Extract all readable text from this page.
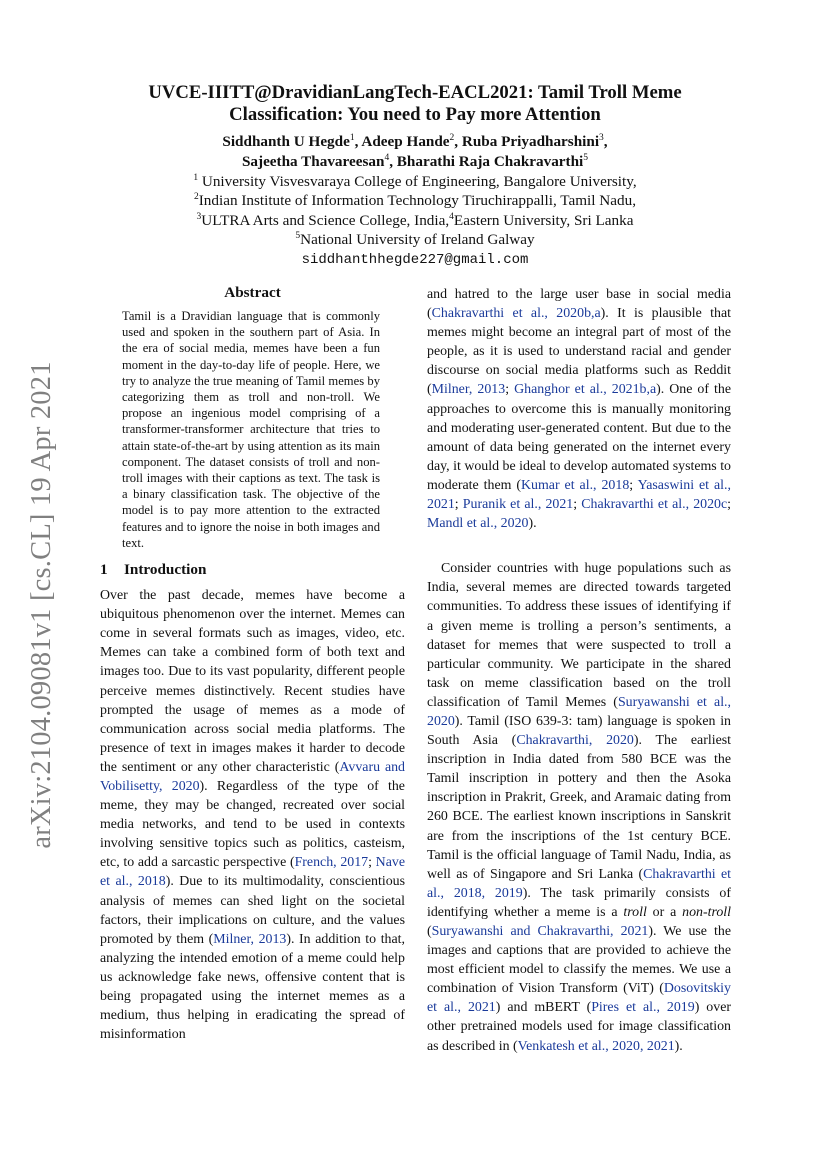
arXiv:2104.09081v1 [cs.CL] 19 Apr 2021
UVCE-IIITT@DravidianLangTech-EACL2021: Tamil Troll Meme
Classification: You need to Pay more Attention
Siddhanth U Hegde$^1$, Adeep Hande$^2$, Ruba Priyadharshini$^3$,
Sajeetha Thavareesan$^4$, Bharathi Raja Chakravarthi$^5$
$^1$ University Visvesvaraya College of Engineering, Bangalore University,
$^2$Indian Institute of Information Technology Tiruchirappalli, Tamil Nadu,
$^3$ULTRA Arts and Science College, India,$^4$Eastern University, Sri Lanka
$^5$National University of Ireland Galway
siddhanthhegde227@gmail.com
Abstract

Tamil is a Dravidian language that is commonly used and spoken in the southern part of Asia. In the era of social media, memes have been a fun moment in the day-to-day life of people. Here, we try to analyze the true meaning of Tamil memes by categorizing them as troll and non-troll. We propose an ingenious model comprising of a transformer-transformer architecture that tries to attain state-of-the-art by using attention as its main component. The dataset consists of troll and non-troll images with their captions as text. The task is a binary classification task. The objective of the model is to pay more attention to the extracted features and to ignore the noise in both images and text.

1 Introduction

Over the past decade, memes have become a ubiquitous phenomenon over the internet. Memes can come in several formats such as images, video, etc. Memes can take a combined form of both text and images too. Due to its vast popularity, different people perceive memes distinctively. Recent studies have prompted the usage of memes as a mode of communication across social media platforms. The presence of text in images makes it harder to decode the sentiment or any other characteristic (Avvaru and Vobilisetty, 2020). Regardless of the type of the meme, they may be changed, recreated over social media networks, and tend to be used in contexts involving sensitive topics such as politics, casteism, etc, to add a sarcastic perspective (French, 2017; Nave et al., 2018). Due to its multimodality, conscientious analysis of memes can shed light on the societal factors, their implications on culture, and the values promoted by them (Milner, 2013). In addition to that, analyzing the intended emotion of a meme could help us acknowledge fake news, offensive content that is being propagated using the internet memes as a medium, thus helping in eradicating the spread of misinformation

and hatred to the large user base in social media (Chakravarthi et al., 2020b,a). It is plausible that memes might become an integral part of most of the people, as it is used to understand racial and gender discourse on social media platforms such as Reddit (Milner, 2013; Ghanghor et al., 2021b,a). One of the approaches to overcome this is manually monitoring and moderating user-generated content. But due to the amount of data being generated on the internet every day, it would be ideal to develop automated systems to moderate them (Kumar et al., 2018; Yasaswini et al., 2021; Puranik et al., 2021; Chakravarthi et al., 2020c; Mandl et al., 2020).

Consider countries with huge populations such as India, several memes are directed towards targeted communities. To address these issues of identifying if a given meme is trolling a person’s sentiments, a dataset for memes that were suspected to troll a particular community. We participate in the shared task on meme classification based on the troll classification of Tamil Memes (Suryawanshi et al., 2020). Tamil (ISO 639-3: tam) language is spoken in South Asia (Chakravarthi, 2020). The earliest inscription in India dated from 580 BCE was the Tamil inscription in pottery and then the Asoka inscription in Prakrit, Greek, and Aramaic dating from 260 BCE. The earliest known inscriptions in Sanskrit are from the inscriptions of the 1st century BCE. Tamil is the official language of Tamil Nadu, India, as well as of Singapore and Sri Lanka (Chakravarthi et al., 2018, 2019). The task primarily consists of identifying whether a meme is a troll or a non-troll (Suryawanshi and Chakravarthi, 2021). We use the images and captions that are provided to achieve the most efficient model to classify the memes. We use a combination of Vision Transform (ViT) (Dosovitskiy et al., 2021) and mBERT (Pires et al., 2019) over other pretrained models used for image classification as described in (Venkatesh et al., 2020, 2021).
